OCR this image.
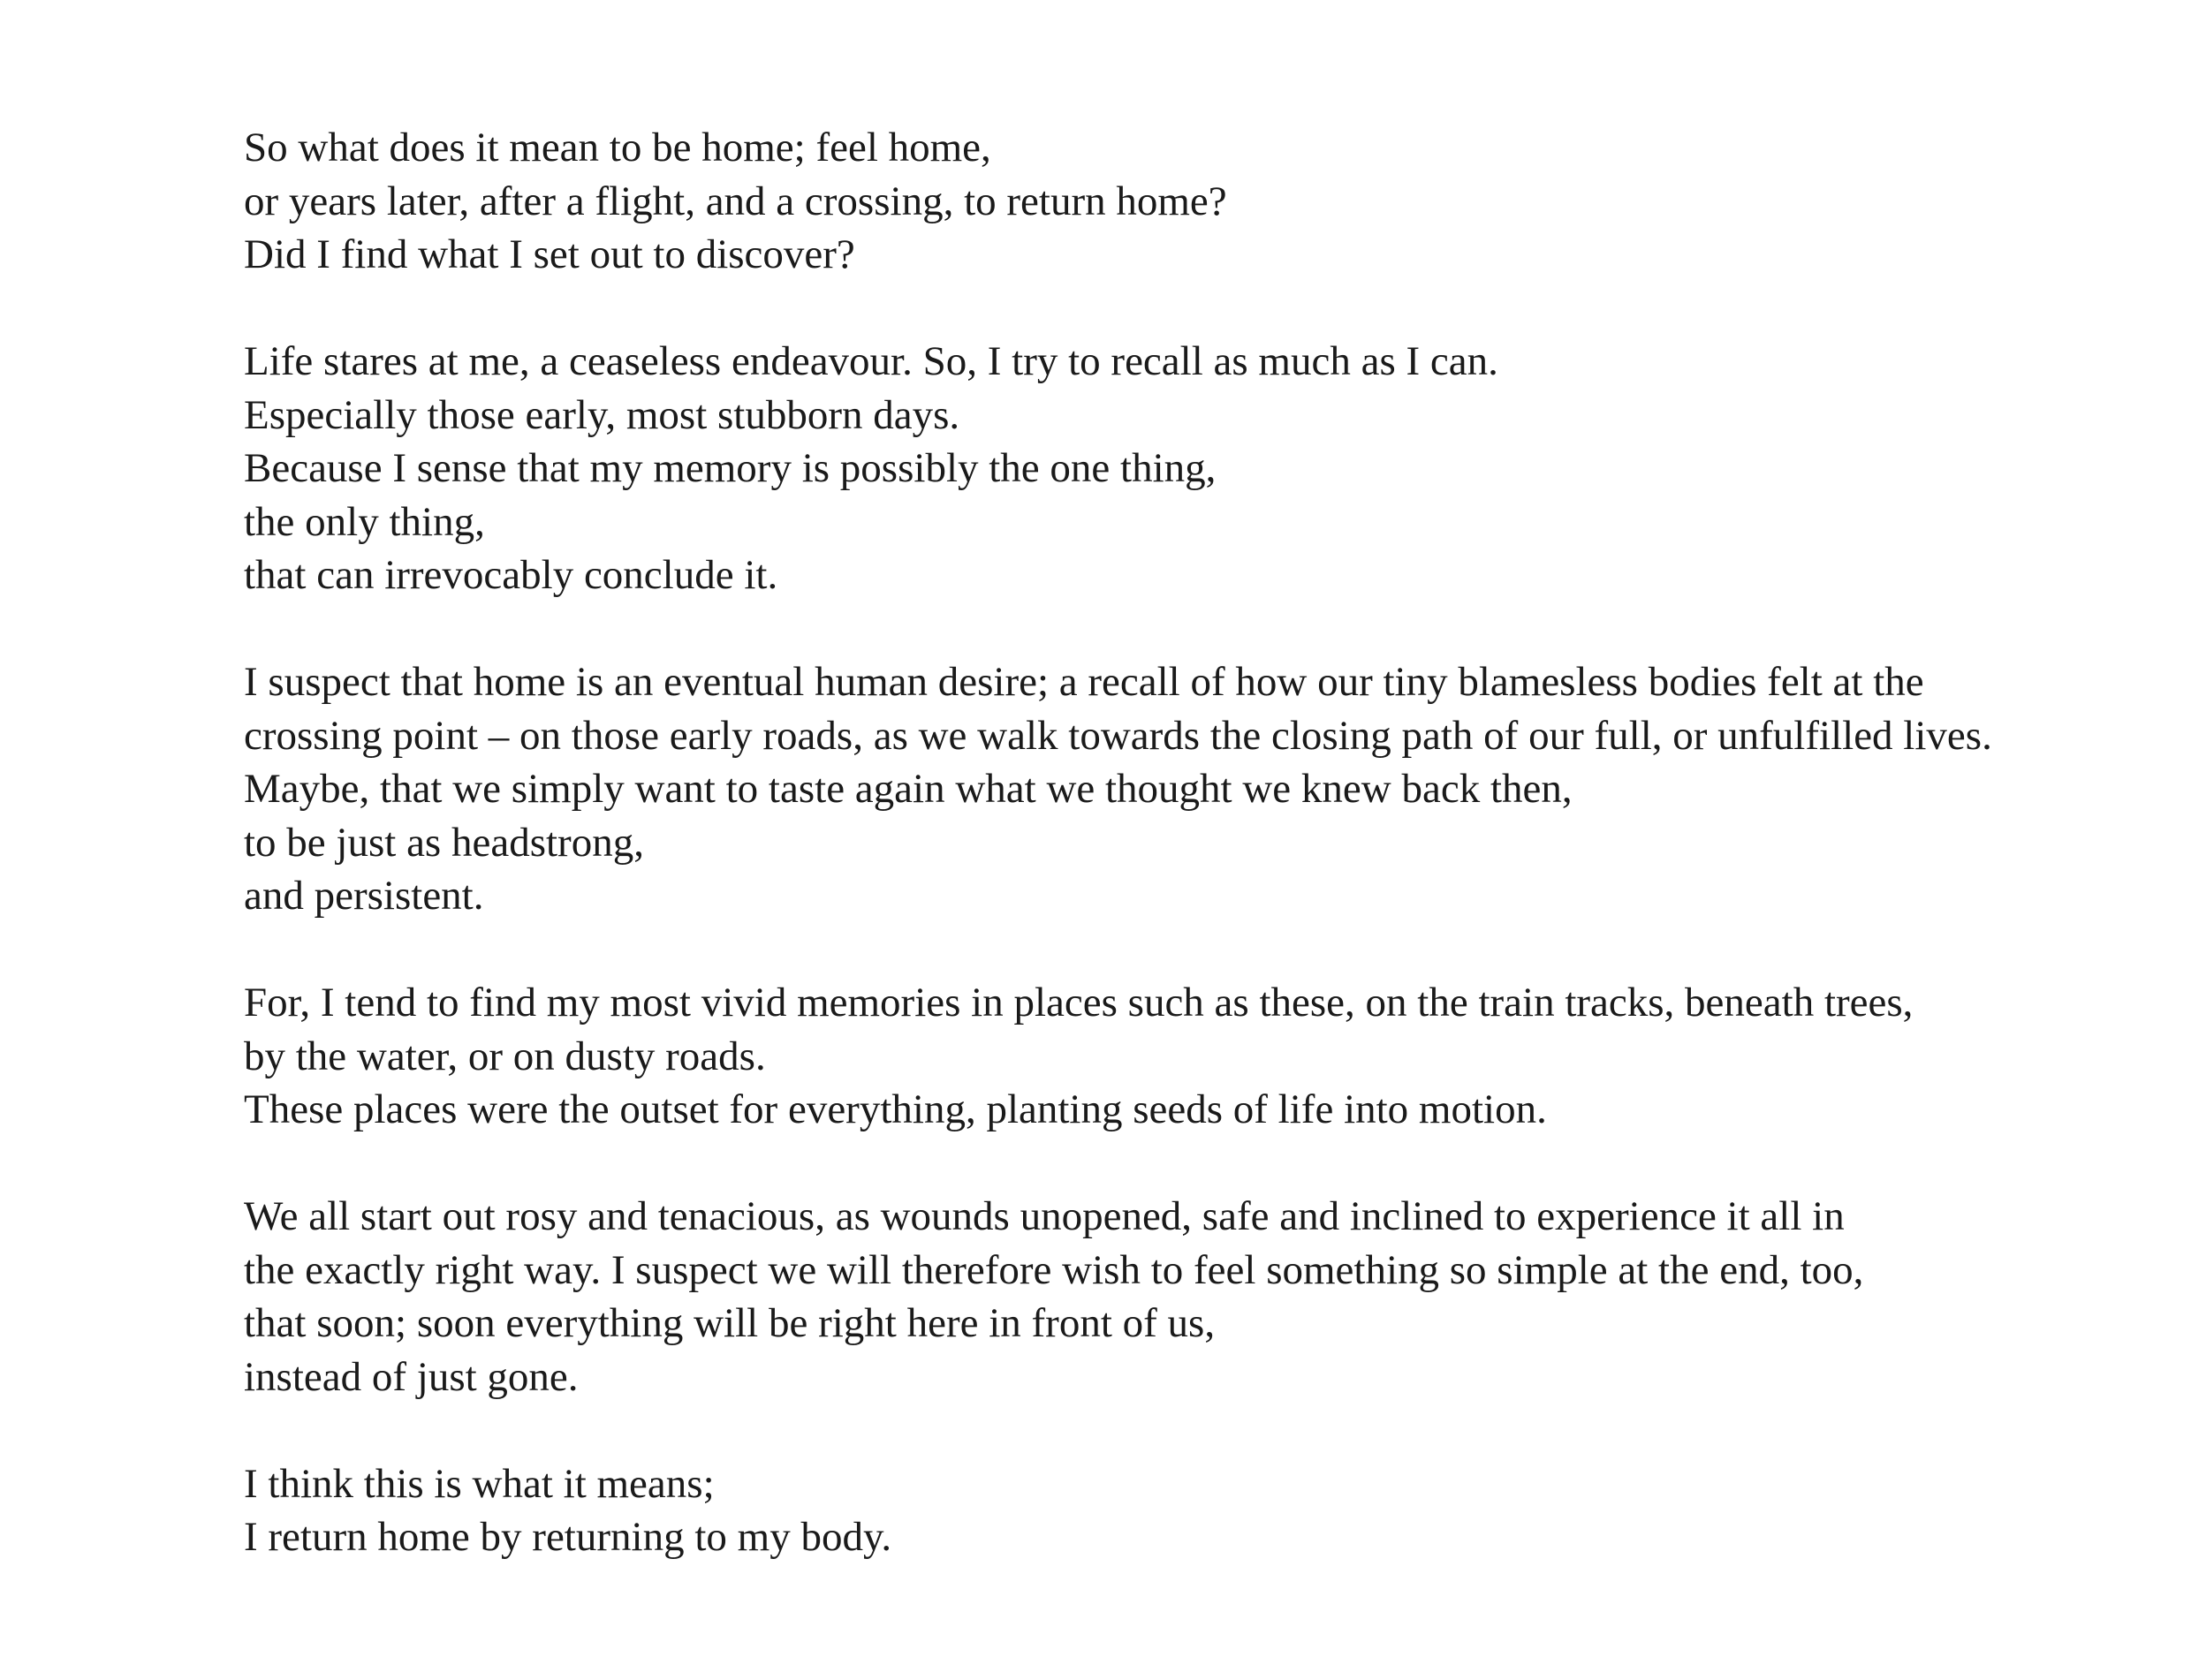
So what does it mean to be home; feel home,
or years later, after a flight, and a crossing, to return home?
Did I find what I set out to discover?
Life stares at me, a ceaseless endeavour. So, I try to recall as much as I can.
Especially those early, most stubborn days.
Because I sense that my memory is possibly the one thing,
the only thing,
that can irrevocably conclude it.
I suspect that home is an eventual human desire; a recall of how our tiny blamesless bodies felt at the
crossing point – on those early roads, as we walk towards the closing path of our full, or unfulfilled lives.
Maybe, that we simply want to taste again what we thought we knew back then,
to be just as headstrong,
and persistent.
For, I tend to find my most vivid memories in places such as these, on the train tracks, beneath trees,
by the water, or on dusty roads.
These places were the outset for everything, planting seeds of life into motion.
We all start out rosy and tenacious, as wounds unopened, safe and inclined to experience it all in
the exactly right way. I suspect we will therefore wish to feel something so simple at the end, too,
that soon; soon everything will be right here in front of us,
instead of just gone.
I think this is what it means;
I return home by returning to my body.
